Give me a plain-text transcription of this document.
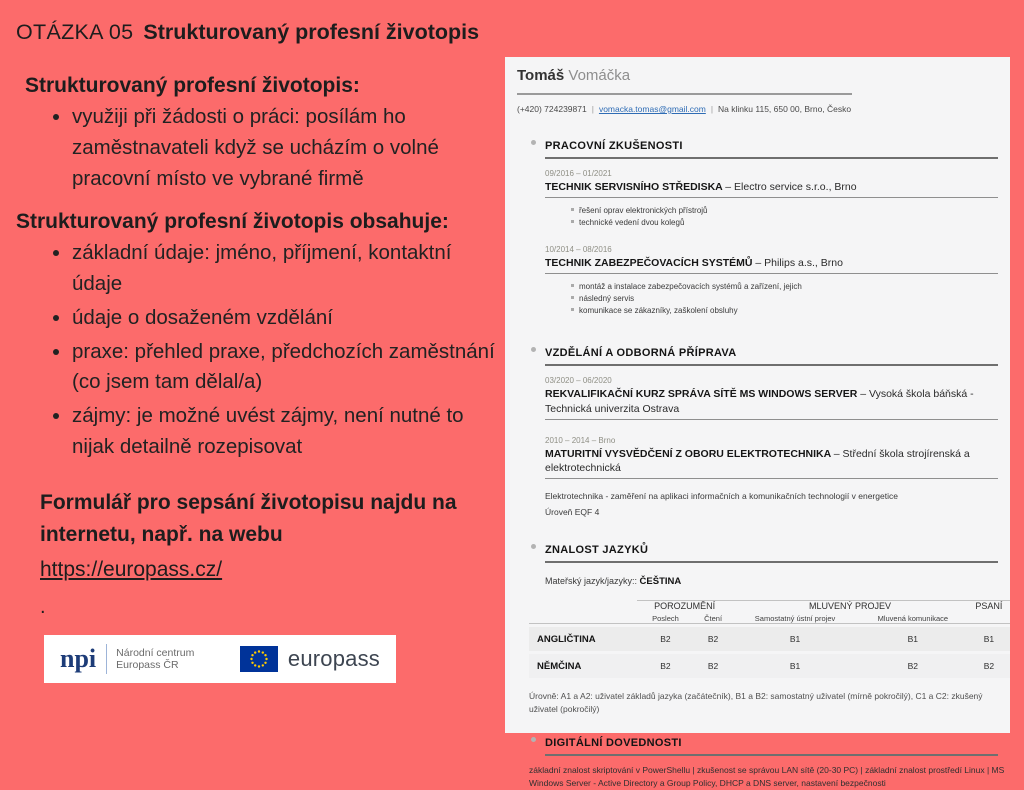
OTÁZKA 05 Strukturovaný profesní životopis
Strukturovaný profesní životopis:
• využiji při žádosti o práci: posílám ho zaměstnavateli když se ucházím o volné pracovní místo ve vybrané firmě
Strukturovaný profesní životopis obsahuje:
• základní údaje: jméno, příjmení, kontaktní údaje
• údaje o dosaženém vzdělání
• praxe: přehled praxe, předchozích zaměstnání (co jsem tam dělal/a)
• zájmy: je možné uvést zájmy, není nutné to nijak detailně rozepisovat
Formulář pro sepsání životopisu najdu na internetu, např. na webu
https://europass.cz/
.
npi Národní centrum
Europass ČR	europass
Tomáš Vomáčka
(+420) 724239871 | vomacka.tomas@gmail.com | Na klinku 115, 650 00, Brno, Česko
PRACOVNÍ ZKUŠENOSTI
09/2016 – 01/2021
TECHNIK SERVISNÍHO STŘEDISKA – Electro service s.r.o., Brno
řešení oprav elektronických přístrojů
technické vedení dvou kolegů
10/2014 – 08/2016
TECHNIK ZABEZPEČOVACÍCH SYSTÉMŮ – Philips a.s., Brno
montáž a instalace zabezpečovacích systémů a zařízení, jejich
následný servis
komunikace se zákazníky, zaškolení obsluhy
VZDĚLÁNÍ A ODBORNÁ PŘÍPRAVA
03/2020 – 06/2020
REKVALIFIKAČNÍ KURZ SPRÁVA SÍTĚ MS WINDOWS SERVER – Vysoká škola báňská - Technická univerzita Ostrava
2010 – 2014 – Brno
MATURITNÍ VYSVĚDČENÍ Z OBORU ELEKTROTECHNIKA – Střední škola strojírenská a elektrotechnická
Elektrotechnika - zaměření na aplikaci informačních a komunikačních technologií v energetice
Úroveň EQF 4
ZNALOST JAZYKŮ
Mateřský jazyk/jazyky:: ČEŠTINA
	POROZUMĚNÍ		MLUVENÝ PROJEV		PSANÍ
	Poslech	Čtení	Samostatný ústní projev	Mluvená komunikace	
ANGLIČTINA	B2	B2	B1	B1	B1
NĚMČINA	B2	B2	B1	B2	B2
Úrovně: A1 a A2: uživatel základů jazyka (začátečník), B1 a B2: samostatný uživatel (mírně pokročilý), C1 a C2: zkušený uživatel (pokročilý)
DIGITÁLNÍ DOVEDNOSTI
základní znalost skriptování v PowerShellu | zkušenost se správou LAN sítě (20-30 PC) | základní znalost prostředí Linux | MS Windows Server - Active Directory a Group Policy, DHCP a DNS server, nastavení bezpečnosti
